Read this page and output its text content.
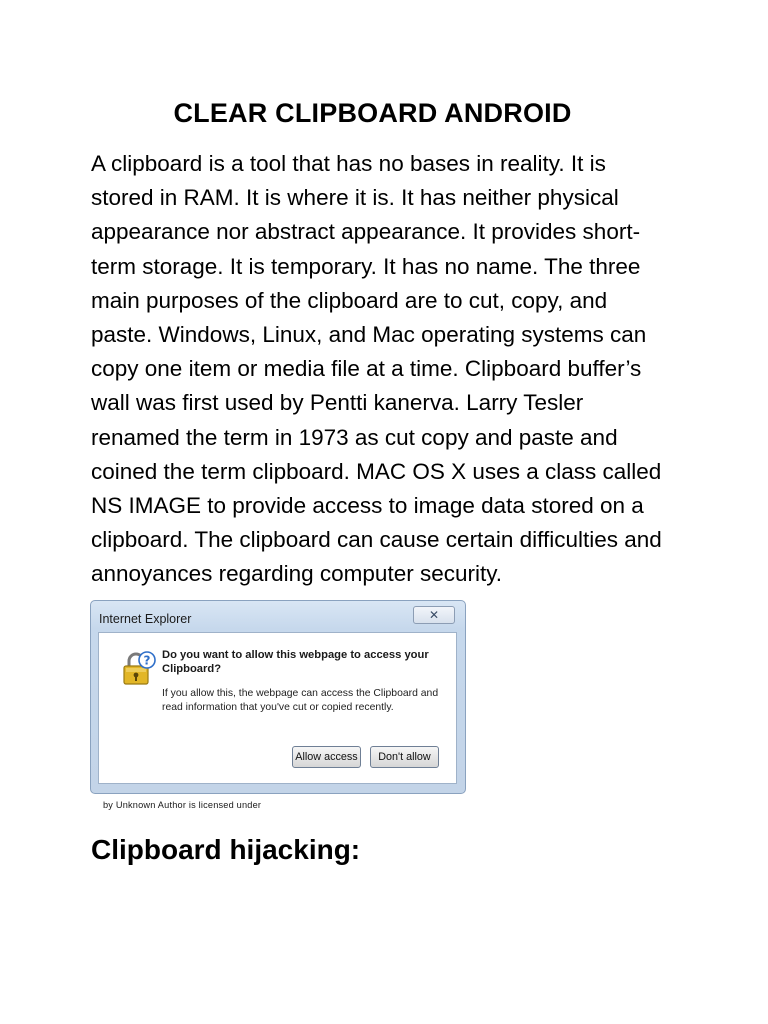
CLEAR CLIPBOARD ANDROID

A clipboard is a tool that has no bases in reality. It is
stored in RAM. It is where it is. It has neither physical
appearance nor abstract appearance. It provides short-
term storage. It is temporary. It has no name. The three
main purposes of the clipboard are to cut, copy, and
paste. Windows, Linux, and Mac operating systems can
copy one item or media file at a time. Clipboard buffer’s
wall was first used by Pentti kanerva. Larry Tesler
renamed the term in 1973 as cut copy and paste and
coined the term clipboard. MAC OS X uses a class called
NS IMAGE to provide access to image data stored on a
clipboard. The clipboard can cause certain difficulties and
annoyances regarding computer security.

Internet Explorer	✕
? Do you want to allow this webpage to access your Clipboard?
If you allow this, the webpage can access the Clipboard and read information that you've cut or copied recently.
Allow access	Don't allow
by Unknown Author is licensed under
Clipboard hijacking:
